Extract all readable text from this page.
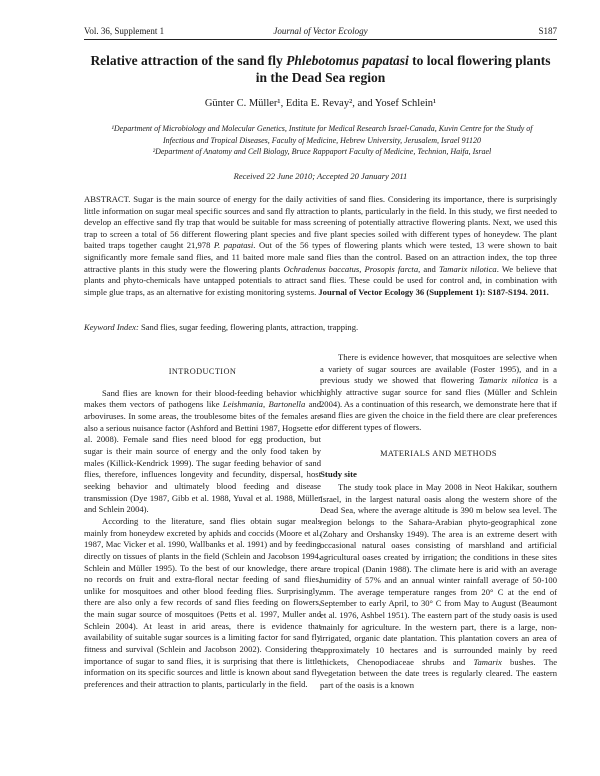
Vol. 36, Supplement 1	Journal of Vector Ecology	S187
Relative attraction of the sand fly Phlebotomus papatasi to local flowering plants in the Dead Sea region
Günter C. Müller¹, Edita E. Revay², and Yosef Schlein¹
¹Department of Microbiology and Molecular Genetics, Institute for Medical Research Israel-Canada, Kuvin Centre for the Study of Infectious and Tropical Diseases, Faculty of Medicine, Hebrew University, Jerusalem, Israel 91120
²Department of Anatomy and Cell Biology, Bruce Rappaport Faculty of Medicine, Technion, Haifa, Israel
Received 22 June 2010; Accepted 20 January 2011
ABSTRACT. Sugar is the main source of energy for the daily activities of sand flies. Considering its importance, there is surprisingly little information on sugar meal specific sources and sand fly attraction to plants, particularly in the field. In this study, we first needed to develop an effective sand fly trap that would be suitable for mass screening of potentially attractive flowering plants. Next, we used this trap to screen a total of 56 different flowering plant species and five plant species soiled with different types of honeydew. The plant baited traps together caught 21,978 P. papatasi. Out of the 56 types of flowering plants which were tested, 13 were shown to bait significantly more female sand flies, and 11 baited more male sand flies than the control. Based on an attraction index, the top three attractive plants in this study were the flowering plants Ochradenus baccatus, Prosopis farcta, and Tamarix nilotica. We believe that plants and phyto-chemicals have untapped potentials to attract sand flies. These could be used for control and, in combination with simple glue traps, as an alternative for existing monitoring systems. Journal of Vector Ecology 36 (Supplement 1): S187-S194. 2011.
Keyword Index: Sand flies, sugar feeding, flowering plants, attraction, trapping.
INTRODUCTION

Sand flies are known for their blood-feeding behavior which makes them vectors of pathogens like Leishmania, Bartonella and arboviruses. In some areas, the troublesome bites of the females are also a serious nuisance factor (Ashford and Bettini 1987, Hogsette et al. 2008). Female sand flies need blood for egg production, but sugar is their main source of energy and the only food taken by males (Killick-Kendrick 1999). The sugar feeding behavior of sand flies, therefore, influences longevity and fecundity, dispersal, host seeking behavior and ultimately blood feeding and disease transmission (Dye 1987, Gibb et al. 1988, Yuval et al. 1988, Müller and Schlein 2004).

According to the literature, sand flies obtain sugar meals mainly from honeydew excreted by aphids and coccids (Moore et al. 1987, Mac Vicker et al. 1990, Wallbanks et al. 1991) and by feeding directly on tissues of plants in the field (Schlein and Jacobson 1994, Schlein and Müller 1995). To the best of our knowledge, there are no records on fruit and extra-floral nectar feeding of sand flies, unlike for mosquitoes and other blood feeding flies. Surprisingly, there are also only a few records of sand flies feeding on flowers, the main sugar source of mosquitoes (Petts et al. 1997, Muller and Schlein 2004). At least in arid areas, there is evidence that availability of suitable sugar sources is a limiting factor for sand fly fitness and survival (Schlein and Jacobson 2002). Considering the importance of sugar to sand flies, it is surprising that there is little information on its specific sources and little is known about sand fly preferences and their attraction to plants, particularly in the field.

There is evidence however, that mosquitoes are selective when a variety of sugar sources are available (Foster 1995), and in a previous study we showed that flowering Tamarix nilotica is a highly attractive sugar source for sand flies (Müller and Schlein 2004). As a continuation of this research, we demonstrate here that if sand flies are given the choice in the field there are clear preferences for different types of flowers.

MATERIALS AND METHODS
Study site

The study took place in May 2008 in Neot Hakikar, southern Israel, in the largest natural oasis along the western shore of the Dead Sea, where the average altitude is 390 m below sea level. The region belongs to the Sahara-Arabian phyto-geographical zone (Zohary and Orshansky 1949). The area is an extreme desert with occasional natural oases consisting of marshland and artificial agricultural oases created by irrigation; the conditions in these sites are tropical (Danin 1988). The climate here is arid with an average humidity of 57% and an annual winter rainfall average of 50-100 mm. The average temperature ranges from 20° C at the end of September to early April, to 30° C from May to August (Beaumont et al. 1976, Ashbel 1951). The eastern part of the study oasis is used mainly for agriculture. In the western part, there is a large, non-irrigated, organic date plantation. This plantation covers an area of approximately 10 hectares and is surrounded mainly by reed thickets, Chenopodiaceae shrubs and Tamarix bushes. The vegetation between the date trees is regularly cleared. The eastern part of the oasis is a known
